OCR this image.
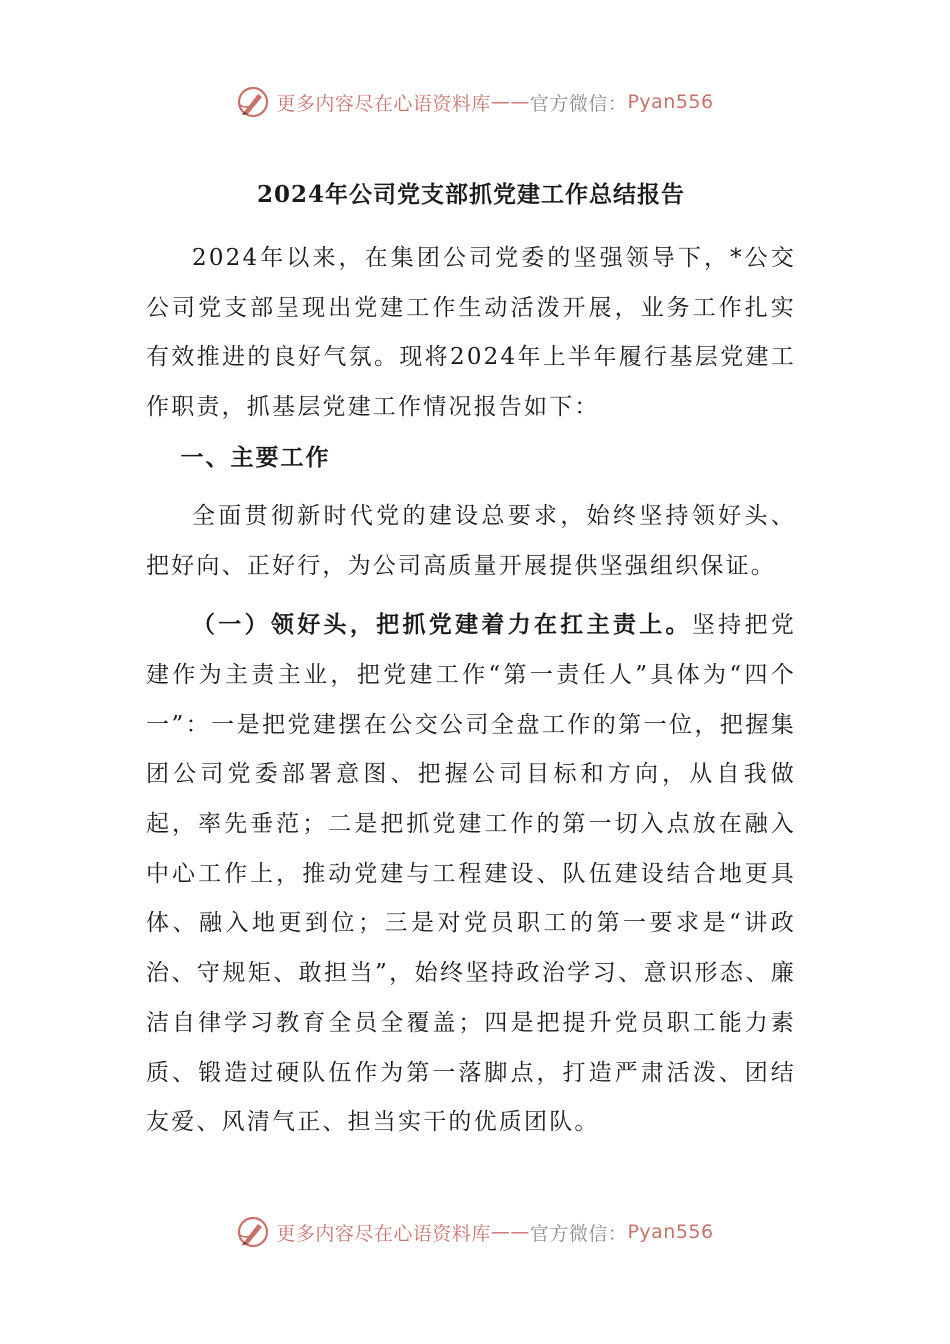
更多内容尽在心语资料库 —— 官方微信： Pyan556
2024年公司党支部抓党建工作总结报告

2024年以来，在集团公司党委的坚强领导下，*公交公司党支部呈现出党建工作生动活泼开展，业务工作扎实有效推进的良好气氛。现将2024年上半年履行基层党建工作职责，抓基层党建工作情况报告如下：

一、主要工作

全面贯彻新时代党的建设总要求，始终坚持领好头、把好向、正好行，为公司高质量开展提供坚强组织保证。

（一）领好头，把抓党建着力在扛主责上。坚持把党建作为主责主业，把党建工作“第一责任人”具体为“四个一”：一是把党建摆在公交公司全盘工作的第一位，把握集团公司党委部署意图、把握公司目标和方向，从自我做起，率先垂范；二是把抓党建工作的第一切入点放在融入中心工作上，推动党建与工程建设、队伍建设结合地更具体、融入地更到位；三是对党员职工的第一要求是“讲政治、守规矩、敢担当”，始终坚持政治学习、意识形态、廉洁自律学习教育全员全覆盖；四是把提升党员职工能力素质、锻造过硬队伍作为第一落脚点，打造严肃活泼、团结友爱、风清气正、担当实干的优质团队。

更多内容尽在心语资料库 —— 官方微信： Pyan556
